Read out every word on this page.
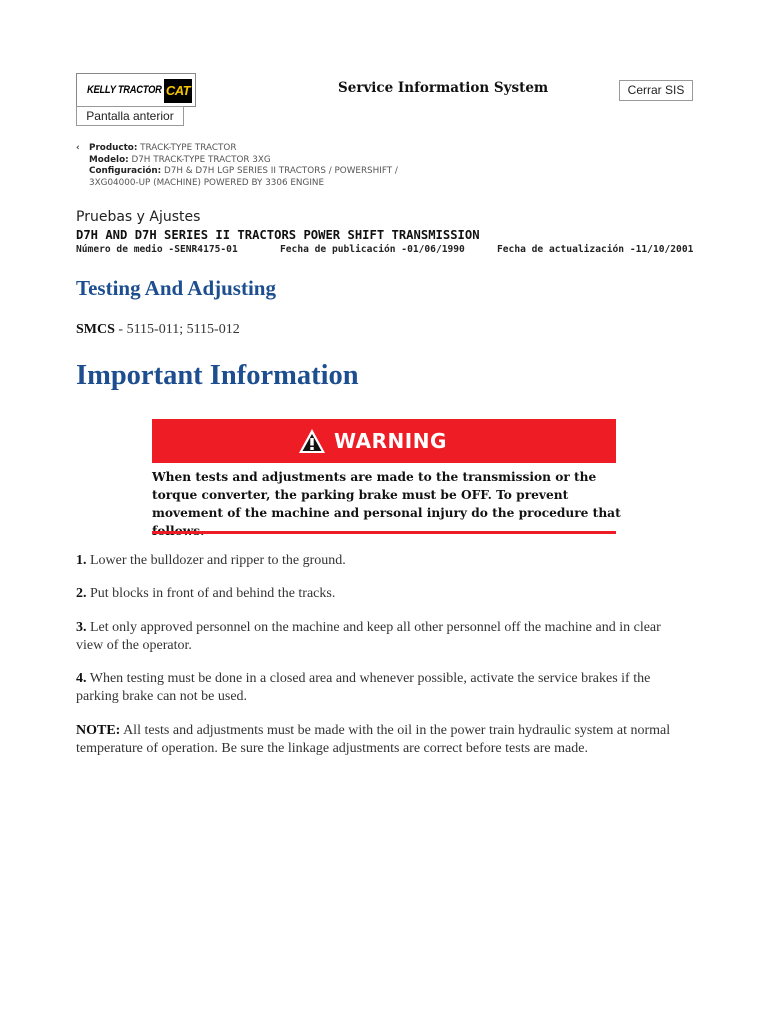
KELLY TRACTOR CAT
Pantalla anterior
Service Information System	Cerrar SIS
‹ Producto: TRACK-TYPE TRACTOR
Modelo: D7H TRACK-TYPE TRACTOR 3XG
Configuración: D7H & D7H LGP SERIES II TRACTORS / POWERSHIFT /
3XG04000-UP (MACHINE) POWERED BY 3306 ENGINE
Pruebas y Ajustes
D7H AND D7H SERIES II TRACTORS POWER SHIFT TRANSMISSION
Número de medio -SENR4175-01	Fecha de publicación -01/06/1990	Fecha de actualización -11/10/2001
Testing And Adjusting
SMCS - 5115-011; 5115-012
Important Information
WARNING
When tests and adjustments are made to the transmission or the torque converter, the parking brake must be OFF. To prevent movement of the machine and personal injury do the procedure that
1. Lower the bulldozer and ripper to the ground.
2. Put blocks in front of and behind the tracks.
3. Let only approved personnel on the machine and keep all other personnel off the machine and in clear view of the operator.
4. When testing must be done in a closed area and whenever possible, activate the service brakes if the parking brake can not be used.
NOTE: All tests and adjustments must be made with the oil in the power train hydraulic system at normal temperature of operation. Be sure the linkage adjustments are correct before tests are made.
